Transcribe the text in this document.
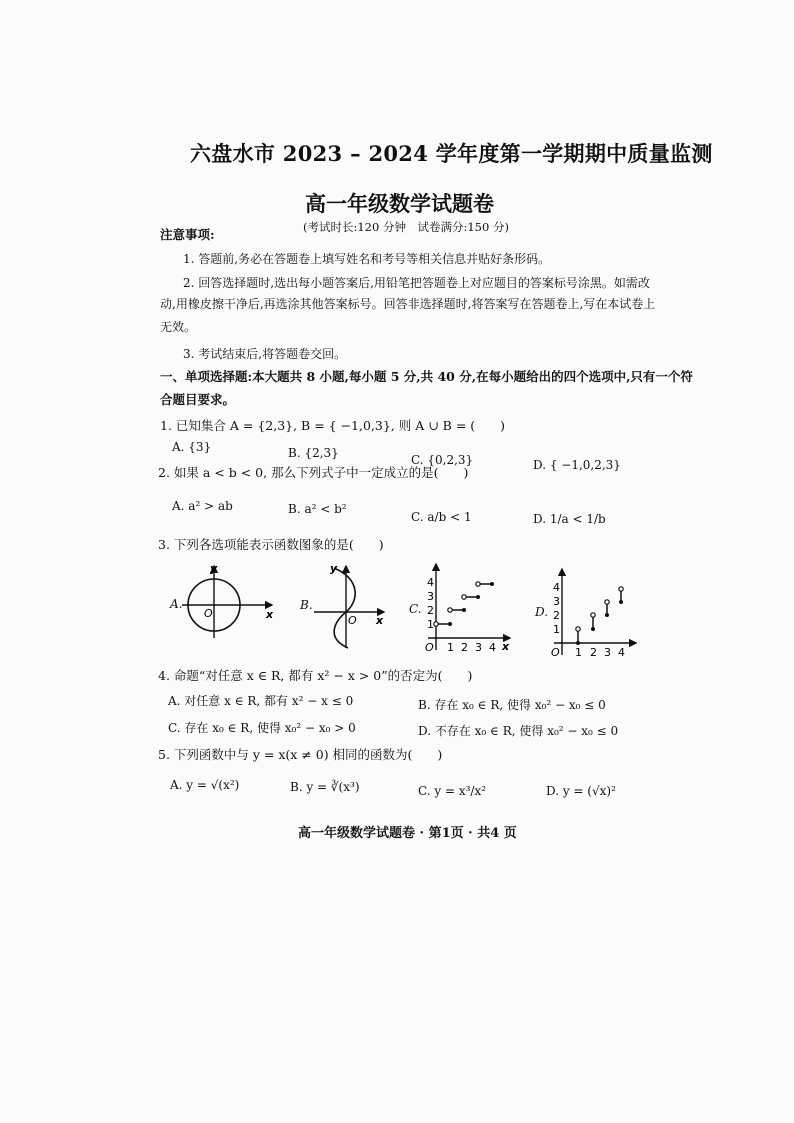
六盘水市 2023 – 2024 学年度第一学期期中质量监测
高一年级数学试题卷
(考试时长:120 分钟　试卷满分:150 分)
注意事项:
1. 答题前,务必在答题卷上填写姓名和考号等相关信息并贴好条形码。
2. 回答选择题时,选出每小题答案后,用铅笔把答题卷上对应题目的答案标号涂黑。如需改
动,用橡皮擦干净后,再选涂其他答案标号。回答非选择题时,将答案写在答题卷上,写在本试卷上
无效。
3. 考试结束后,将答题卷交回。
一、单项选择题:本大题共 8 小题,每小题 5 分,共 40 分,在每小题给出的四个选项中,只有一个符
合题目要求。
1. 已知集合 A = {2,3}, B = { −1,0,3}, 则 A ∪ B = (　　)
A. {3}	B. {2,3}	C. {0,2,3}	D. { −1,0,2,3}
2. 如果 a < b < 0, 那么下列式子中一定成立的是(　　)
A. a² > ab	B. a² < b²
C. a/b < 1	D. 1/a < 1/b
3. 下列各选项能表示函数图象的是(　　)
A.
y
O	x
B.
y
O x
C.
4
3
2
1
O 1 2 3 4 x
D.
4
3
2
1
O 1 2 3 4
4. 命题“对任意 x ∈ R, 都有 x² − x > 0”的否定为(　　)
A. 对任意 x ∈ R, 都有 x² − x ≤ 0	B. 存在 x₀ ∈ R, 使得 x₀² − x₀ ≤ 0
C. 存在 x₀ ∈ R, 使得 x₀² − x₀ > 0	D. 不存在 x₀ ∈ R, 使得 x₀² − x₀ ≤ 0
5. 下列函数中与 y = x(x ≠ 0) 相同的函数为(　　)
A. y = √(x²)	B. y = ∛(x³)	C. y = x³/x²	D. y = (√x)²
高一年级数学试题卷 · 第1页 · 共4 页
